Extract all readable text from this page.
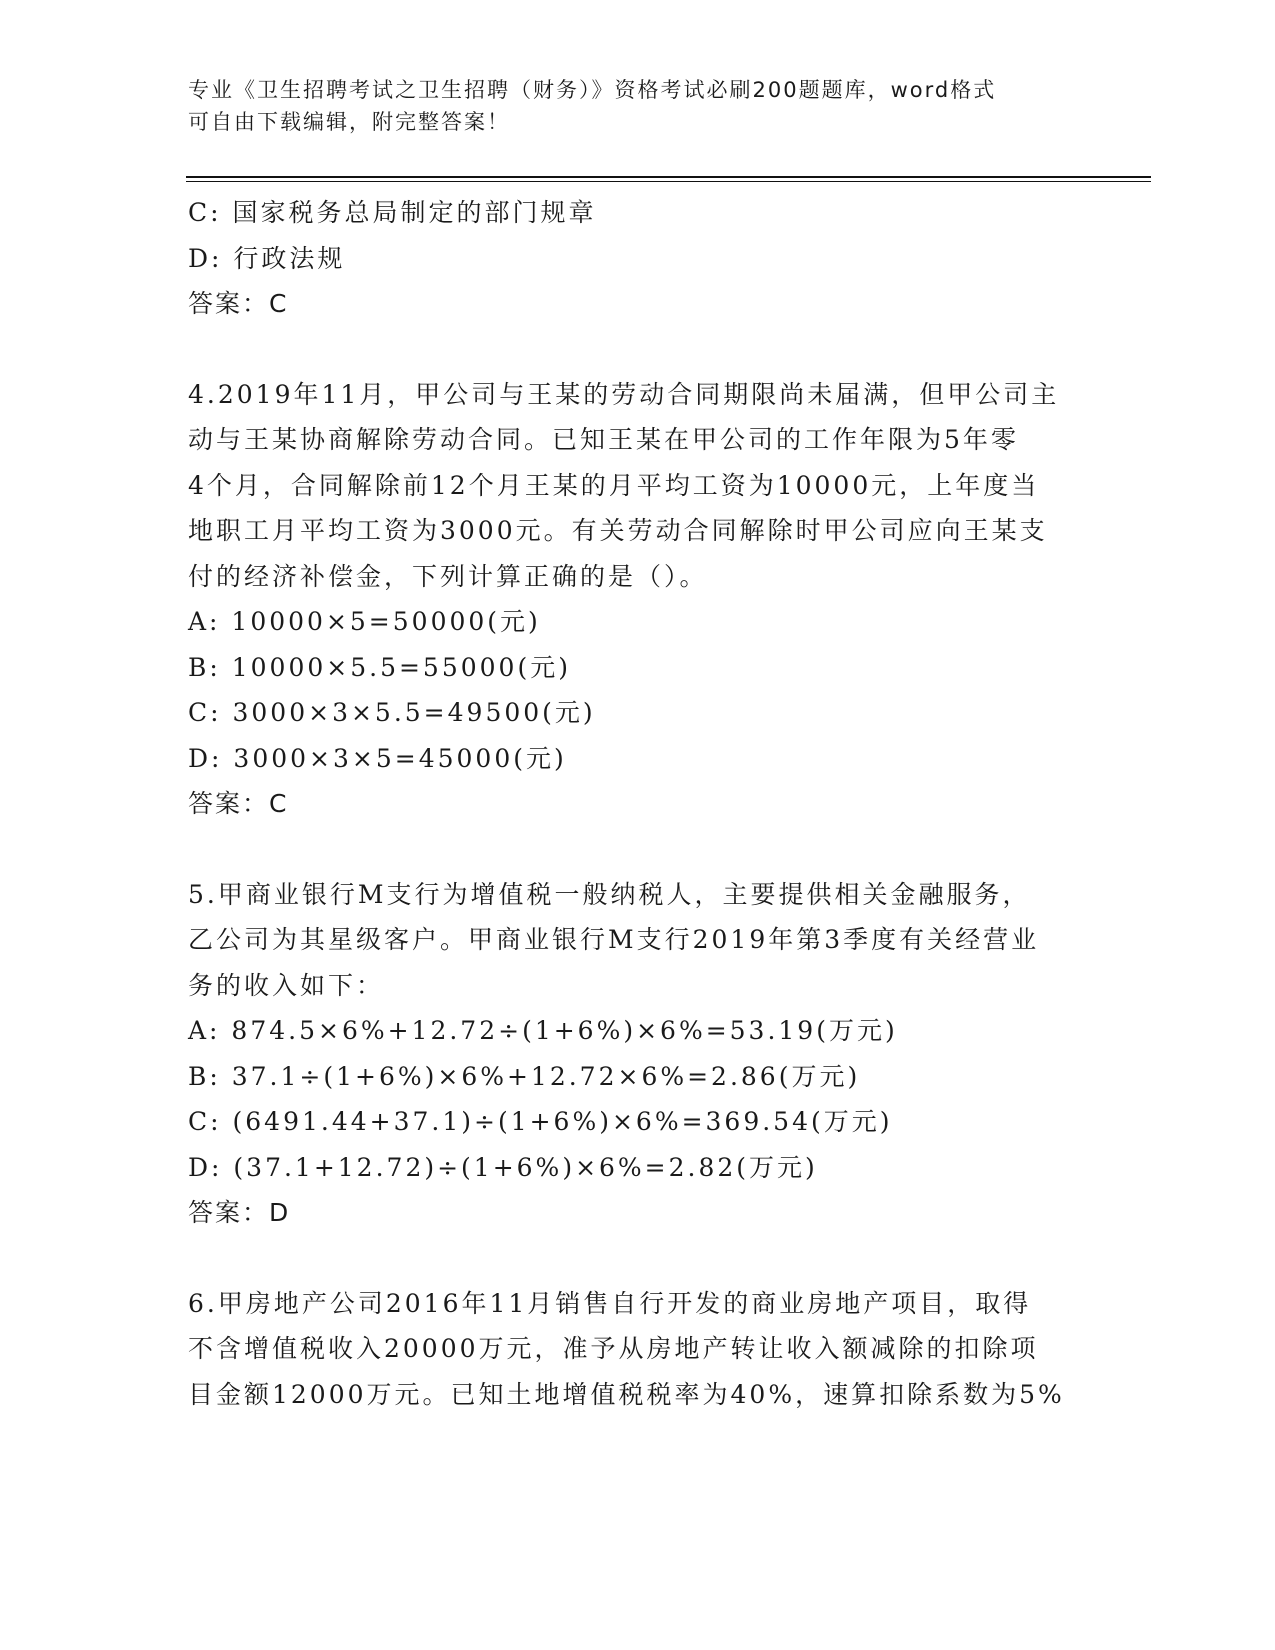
专业《卫生招聘考试之卫生招聘（财务）》资格考试必刷200题题库，word格式
可自由下载编辑，附完整答案！
C: 国家税务总局制定的部门规章
D: 行政法规
答案：C
4.2019年11月，甲公司与王某的劳动合同期限尚未届满，但甲公司主
动与王某协商解除劳动合同。已知王某在甲公司的工作年限为5年零
4个月，合同解除前12个月王某的月平均工资为10000元，上年度当
地职工月平均工资为3000元。有关劳动合同解除时甲公司应向王某支
付的经济补偿金，下列计算正确的是（）。
A: 10000×5=50000(元)
B: 10000×5.5=55000(元)
C: 3000×3×5.5=49500(元)
D: 3000×3×5=45000(元)
答案：C
5.甲商业银行M支行为增值税一般纳税人，主要提供相关金融服务，
乙公司为其星级客户。甲商业银行M支行2019年第3季度有关经营业
务的收入如下：
A: 874.5×6%+12.72÷(1+6%)×6%=53.19(万元)
B: 37.1÷(1+6%)×6%+12.72×6%=2.86(万元)
C: (6491.44+37.1)÷(1+6%)×6%=369.54(万元)
D: (37.1+12.72)÷(1+6%)×6%=2.82(万元)
答案：D
6.甲房地产公司2016年11月销售自行开发的商业房地产项目，取得
不含增值税收入20000万元，准予从房地产转让收入额减除的扣除项
目金额12000万元。已知土地增值税税率为40%，速算扣除系数为5%
